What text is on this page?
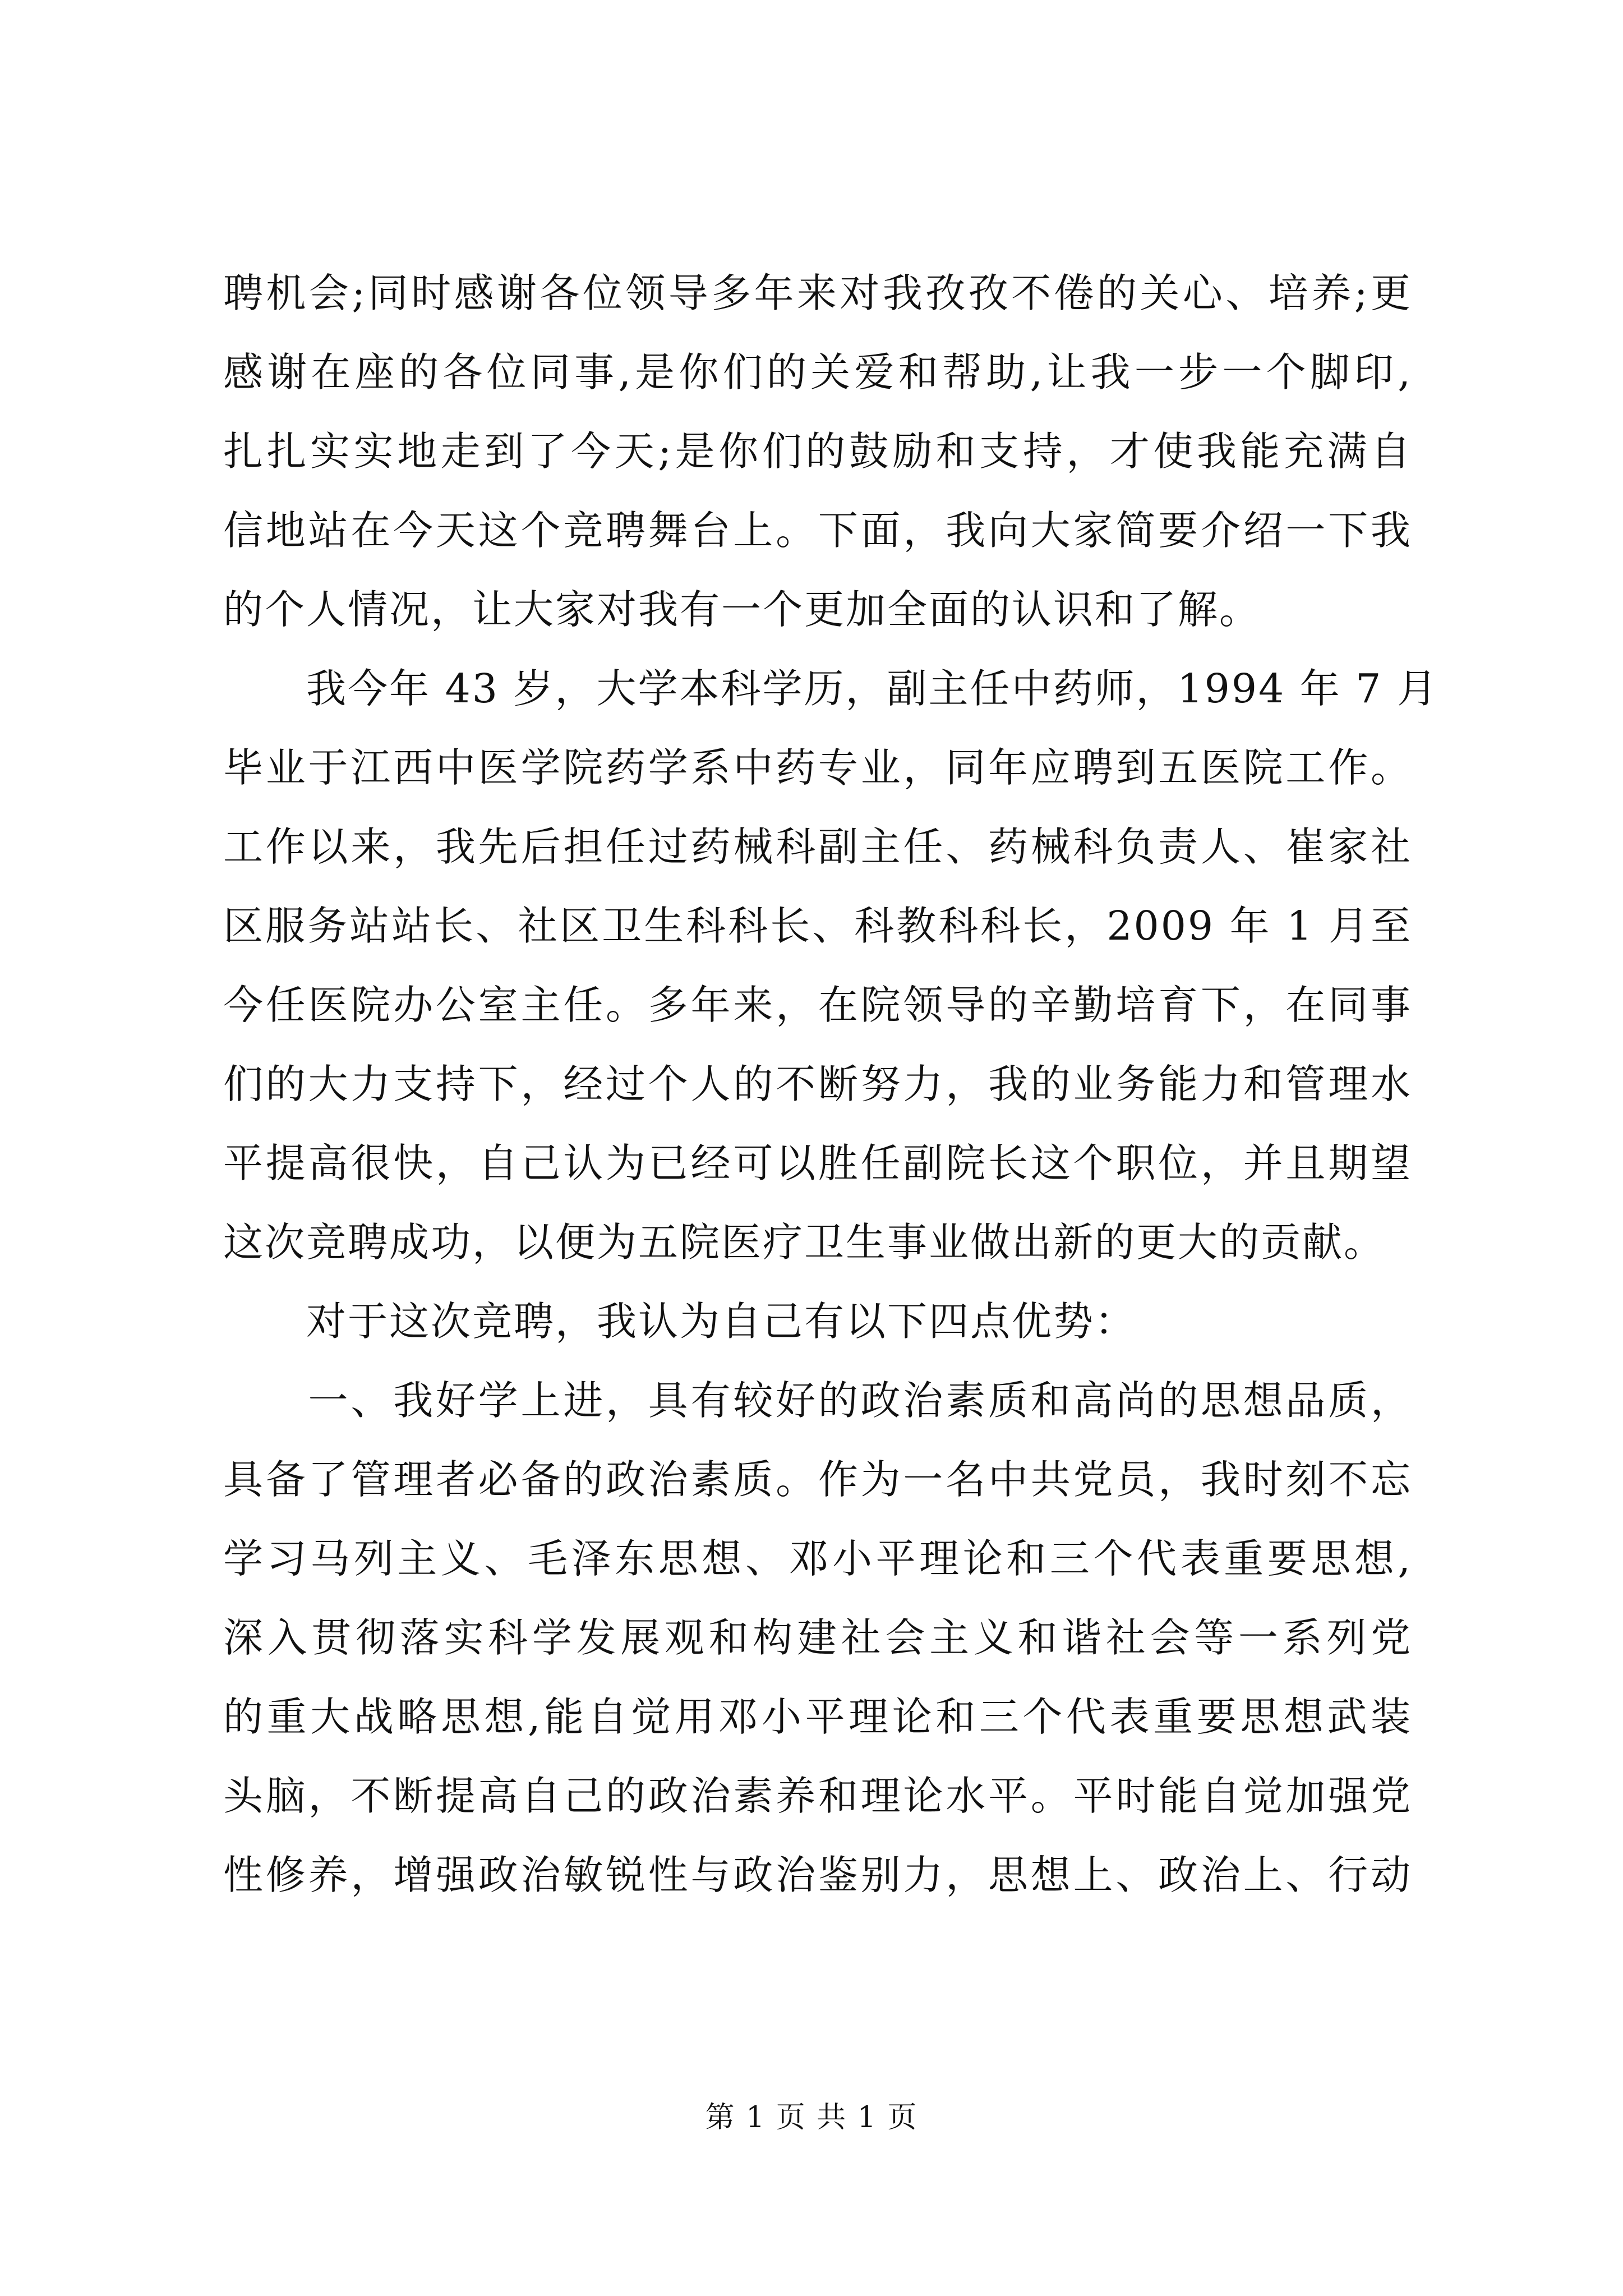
聘机会;同时感谢各位领导多年来对我孜孜不倦的关心、培养;更
感谢在座的各位同事,是你们的关爱和帮助,让我一步一个脚印,
扎扎实实地走到了今天;是你们的鼓励和支持，才使我能充满自
信地站在今天这个竞聘舞台上。下面，我向大家简要介绍一下我
的个人情况，让大家对我有一个更加全面的认识和了解。
　　我今年 43 岁，大学本科学历，副主任中药师，1994 年 7 月
毕业于江西中医学院药学系中药专业，同年应聘到五医院工作。
工作以来，我先后担任过药械科副主任、药械科负责人、崔家社
区服务站站长、社区卫生科科长、科教科科长，2009 年 1 月至
今任医院办公室主任。多年来，在院领导的辛勤培育下，在同事
们的大力支持下，经过个人的不断努力，我的业务能力和管理水
平提高很快，自己认为已经可以胜任副院长这个职位，并且期望
这次竞聘成功，以便为五院医疗卫生事业做出新的更大的贡献。
　　对于这次竞聘，我认为自己有以下四点优势：
　　一、我好学上进，具有较好的政治素质和高尚的思想品质，
具备了管理者必备的政治素质。作为一名中共党员，我时刻不忘
学习马列主义、毛泽东思想、邓小平理论和三个代表重要思想,
深入贯彻落实科学发展观和构建社会主义和谐社会等一系列党
的重大战略思想,能自觉用邓小平理论和三个代表重要思想武装
头脑，不断提高自己的政治素养和理论水平。平时能自觉加强党
性修养，增强政治敏锐性与政治鉴别力，思想上、政治上、行动
第 1 页 共 1 页
